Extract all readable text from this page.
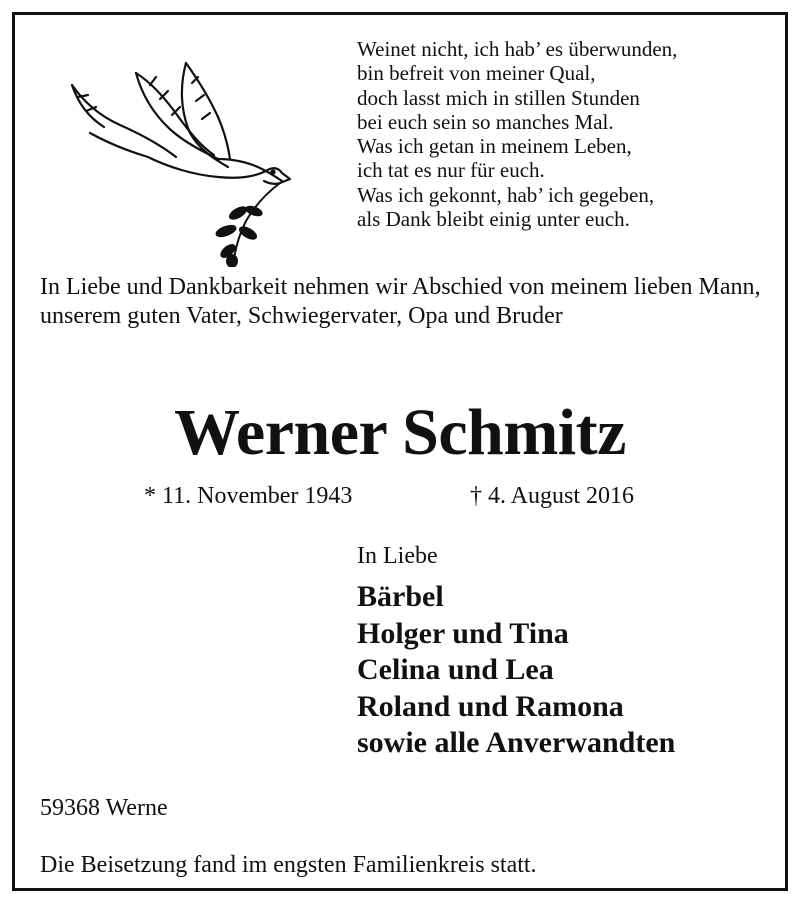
Weinet nicht, ich hab’ es überwunden,
bin befreit von meiner Qual,
doch lasst mich in stillen Stunden
bei euch sein so manches Mal.
Was ich getan in meinem Leben,
ich tat es nur für euch.
Was ich gekonnt, hab’ ich gegeben,
als Dank bleibt einig unter euch.
In Liebe und Dankbarkeit nehmen wir Abschied von meinem lieben Mann, unserem guten Vater, Schwiegervater, Opa und Bruder
Werner Schmitz
* 11. November 1943	† 4. August 2016
In Liebe
Bärbel
Holger und Tina
Celina und Lea
Roland und Ramona
sowie alle Anverwandten
59368 Werne
Die Beisetzung fand im engsten Familienkreis statt.
